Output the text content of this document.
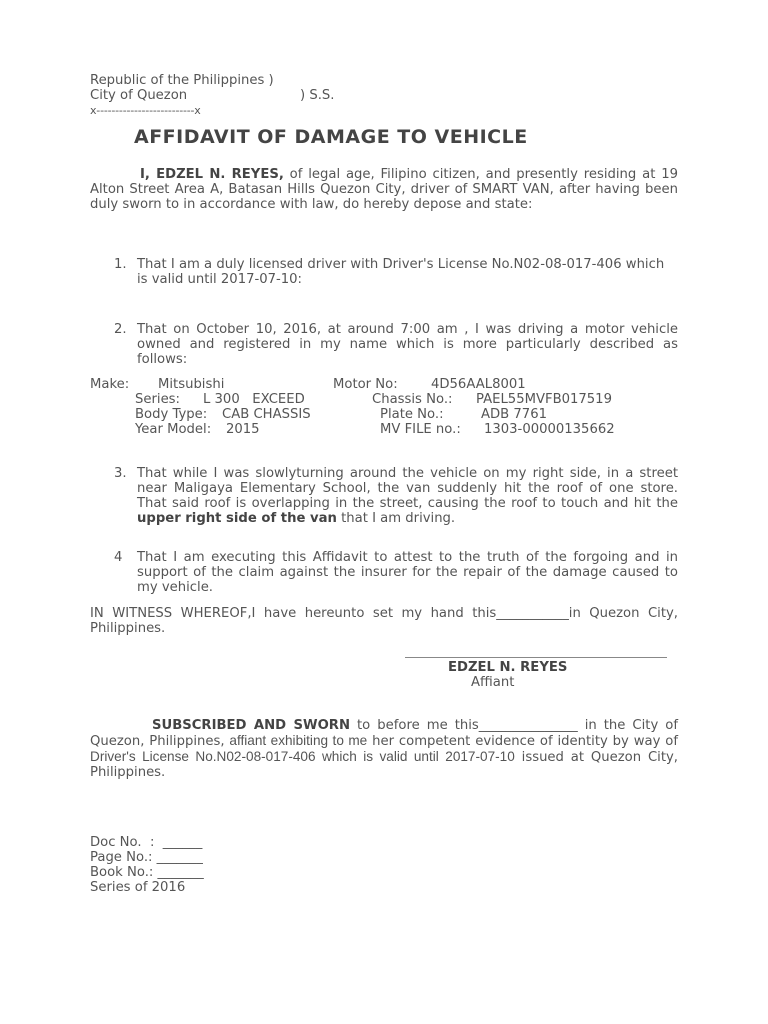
Republic of the Philippines )
City of Quezon	) S.S.
x--------------------------x
AFFIDAVIT OF DAMAGE TO VEHICLE
I, EDZEL N. REYES, of legal age, Filipino citizen, and presently residing at 19 Alton Street Area A, Batasan Hills Quezon City, driver of SMART VAN, after having been duly sworn to in accordance with law, do hereby depose and state:
1. That I am a duly licensed driver with Driver's License No.N02-08-017-406 which is valid until 2017-07-10:
2. That on October 10, 2016, at around 7:00 am , I was driving a motor vehicle owned and registered in my name which is more particularly described as follows:
Make: Mitsubishi	Motor No:	4D56AAL8001
Series: L 300   EXCEED	Chassis No.: PAEL55MVFB017519
Body Type: CAB CHASSIS	Plate No.:	ADB 7761
Year Model: 2015	MV FILE no.: 1303-00000135662
3. That while I was slowlyturning around the vehicle on my right side, in a street near Maligaya Elementary School, the van suddenly hit the roof of one store. That said roof is overlapping in the street, causing the roof to touch and hit the upper right side of the van that I am driving.
4 That I am executing this Affidavit to attest to the truth of the forgoing and in support of the claim against the insurer for the repair of the damage caused to my vehicle.
IN WITNESS WHEREOF,I have hereunto set my hand this___________in Quezon City, Philippines.
EDZEL N. REYES
Affiant
SUBSCRIBED AND SWORN to before me this_______________ in the City of Quezon, Philippines, affiant exhibiting to me her competent evidence of identity by way of Driver's License No.N02-08-017-406 which is valid until 2017-07-10 issued at Quezon City, Philippines.
Doc No.  :  ______
Page No.: _______
Book No.: _______
Series of 2016
